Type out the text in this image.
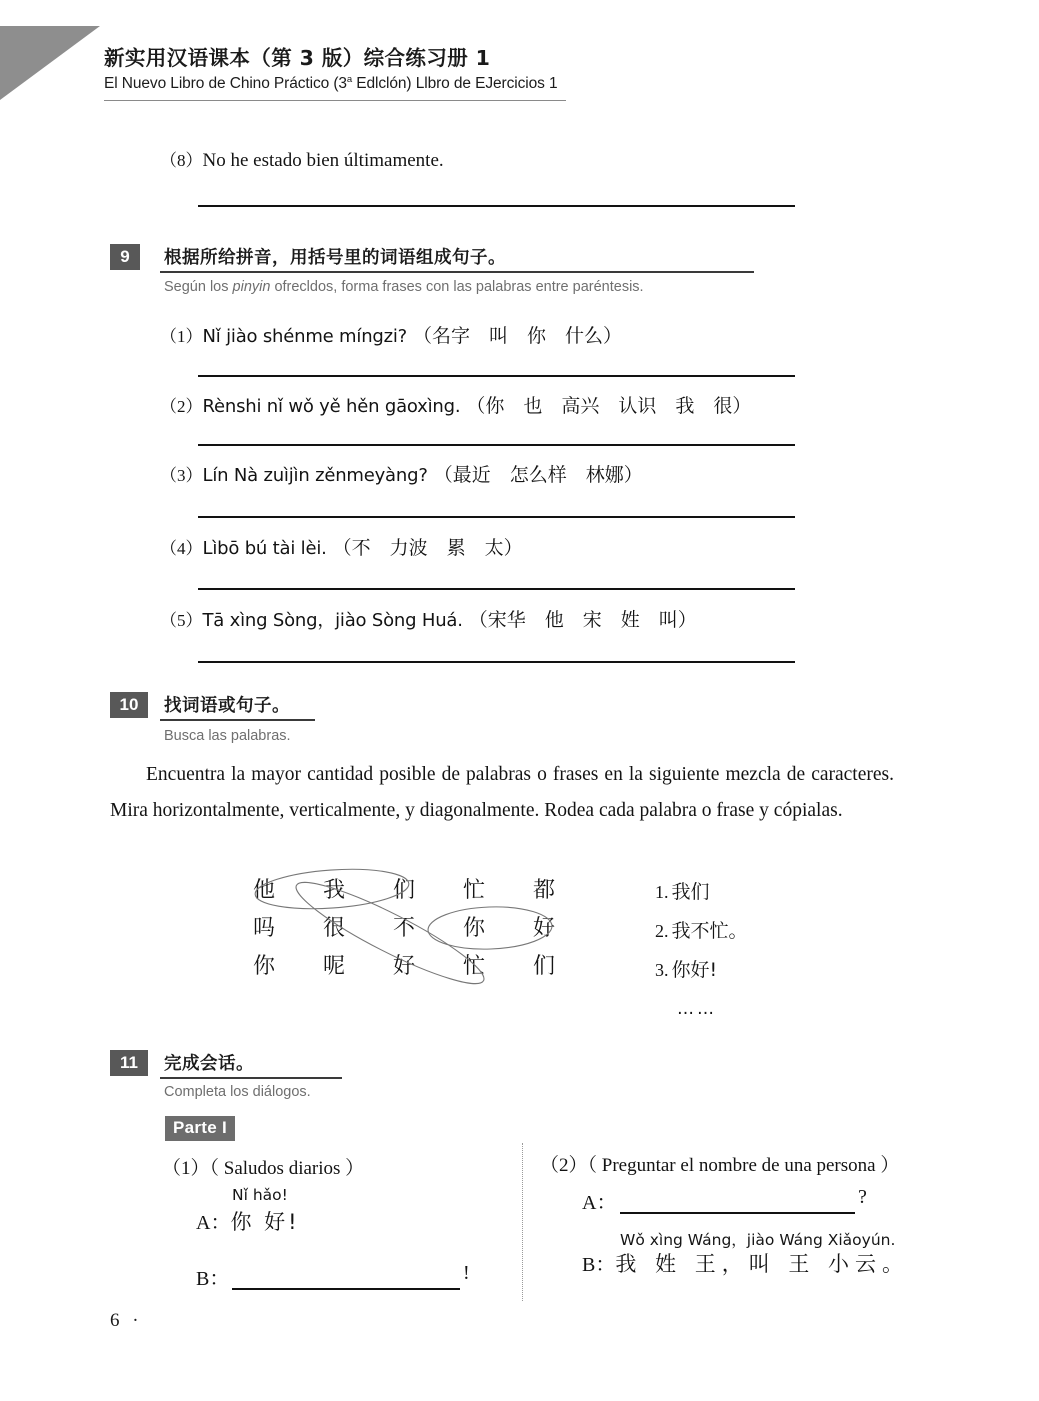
新实用汉语课本（第 3 版）综合练习册 1
El Nuevo Libro de Chino Práctico (3$^a$ Edlclón) Llbro de EJercicios 1
（8）No he estado bien últimamente.
9	根据所给拼音，用括号里的词语组成句子。
Según los pinyin ofrecldos, forma frases con las palabras entre paréntesis.
（1）Nǐ jiào shénme míngzi? （名字　叫　你　什么）
（2）Rènshi nǐ wǒ yě hěn gāoxìng. （你　也　高兴　认识　我　很）
（3）Lín Nà zuìjìn zěnmeyàng? （最近　怎么样　林娜）
（4）Lìbō bú tài lèi. （不　力波　累　太）
（5）Tā xìng Sòng，jiào Sòng Huá. （宋华　他　宋　姓　叫）
10	找词语或句子。
Busca las palabras.
Encuentra la mayor cantidad posible de palabras o frases en la siguiente mezcla de caracteres. Mira horizontalmente, verticalmente, y diagonalmente. Rodea cada palabra o frase y cópialas.
他 我 们 忙 都
吗 很 不 你 好
你 呢 好 忙 们
1. 我们
2. 我不忙。
3. 你好!
……
11	完成会话。
Completa los diálogos.
Parte I
（1）（ Saludos diarios ）
Nǐ hǎo!
A：你 好!
B：	!
（2）（ Preguntar el nombre de una persona ）
A：	?
Wǒ xìng Wáng，jiào Wáng Xiǎoyún.
B：我 姓 王，叫 王 小云。
6 ·
